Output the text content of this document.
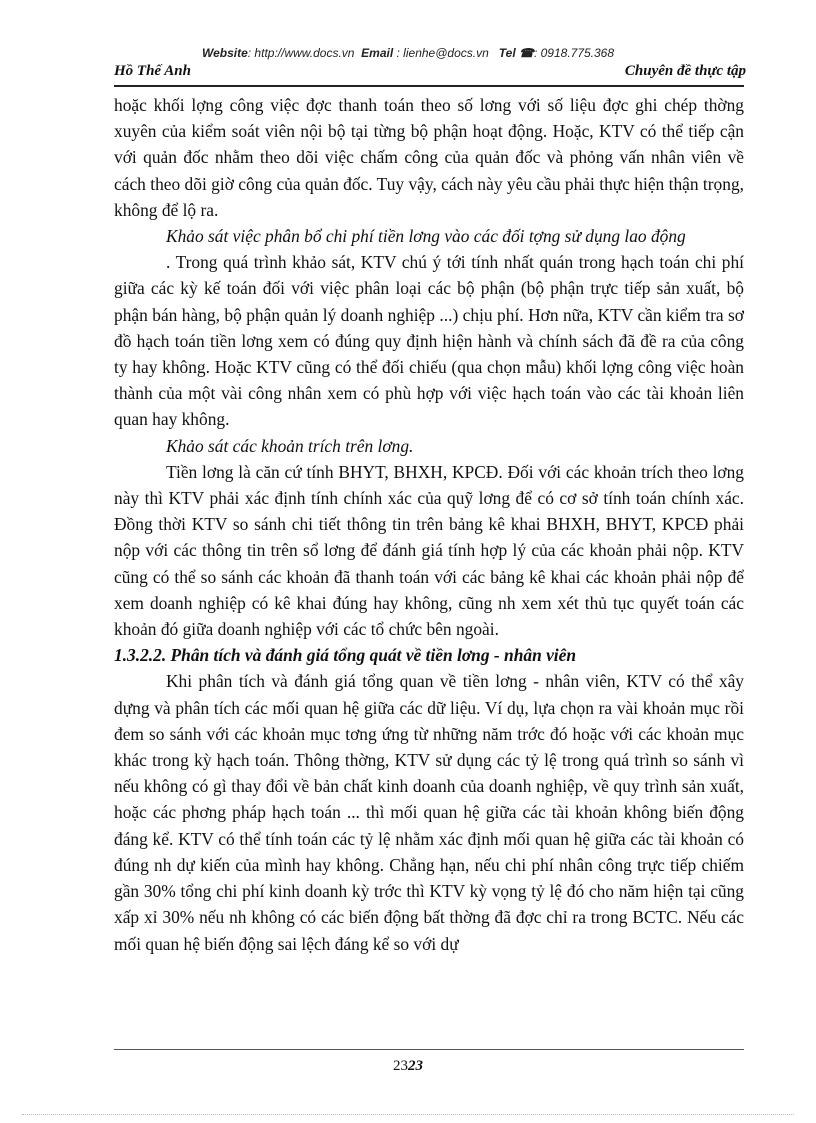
Website: http://www.docs.vn Email : lienhe@docs.vn Tel ☎: 0918.775.368
Hồ Thế Anh	Chuyên đề thực tập

hoặc khối lợng công việc đợc thanh toán theo số lơng với số liệu đợc ghi chép thờng xuyên của kiểm soát viên nội bộ tại từng bộ phận hoạt động. Hoặc, KTV có thể tiếp cận với quản đốc nhằm theo dõi việc chấm công của quản đốc và phỏng vấn nhân viên về cách theo dõi giờ công của quản đốc. Tuy vậy, cách này yêu cầu phải thực hiện thận trọng, không để lộ ra.

Khảo sát việc phân bổ chi phí tiền lơng vào các đối tợng sử dụng lao động

. Trong quá trình khảo sát, KTV chú ý tới tính nhất quán trong hạch toán chi phí giữa các kỳ kế toán đối với việc phân loại các bộ phận (bộ phận trực tiếp sản xuất, bộ phận bán hàng, bộ phận quản lý doanh nghiệp ...) chịu phí. Hơn nữa, KTV cần kiểm tra sơ đồ hạch toán tiền lơng xem có đúng quy định hiện hành và chính sách đã đề ra của công ty hay không. Hoặc KTV cũng có thể đối chiếu (qua chọn mẫu) khối lợng công việc hoàn thành của một vài công nhân xem có phù hợp với việc hạch toán vào các tài khoản liên quan hay không.

Khảo sát các khoản trích trên lơng.

Tiền lơng là căn cứ tính BHYT, BHXH, KPCĐ. Đối với các khoản trích theo lơng này thì KTV phải xác định tính chính xác của quỹ lơng để có cơ sở tính toán chính xác. Đồng thời KTV so sánh chi tiết thông tin trên bảng kê khai BHXH, BHYT, KPCĐ phải nộp với các thông tin trên sổ lơng để đánh giá tính hợp lý của các khoản phải nộp. KTV cũng có thể so sánh các khoản đã thanh toán với các bảng kê khai các khoản phải nộp để xem doanh nghiệp có kê khai đúng hay không, cũng nh xem xét thủ tục quyết toán các khoản đó giữa doanh nghiệp với các tổ chức bên ngoài.

1.3.2.2. Phân tích và đánh giá tổng quát về tiền lơng - nhân viên

Khi phân tích và đánh giá tổng quan về tiền lơng - nhân viên, KTV có thể xây dựng và phân tích các mối quan hệ giữa các dữ liệu. Ví dụ, lựa chọn ra vài khoản mục rồi đem so sánh với các khoản mục tơng ứng từ những năm trớc đó hoặc với các khoản mục khác trong kỳ hạch toán. Thông thờng, KTV sử dụng các tỷ lệ trong quá trình so sánh vì nếu không có gì thay đổi về bản chất kinh doanh của doanh nghiệp, về quy trình sản xuất, hoặc các phơng pháp hạch toán ... thì mối quan hệ giữa các tài khoản không biến động đáng kể. KTV có thể tính toán các tỷ lệ nhằm xác định mối quan hệ giữa các tài khoản có đúng nh dự kiến của mình hay không. Chẳng hạn, nếu chi phí nhân công trực tiếp chiếm gần 30% tổng chi phí kinh doanh kỳ trớc thì KTV kỳ vọng tỷ lệ đó cho năm hiện tại cũng xấp xỉ 30% nếu nh không có các biến động bất thờng đã đợc chỉ ra trong BCTC. Nếu các mối quan hệ biến động sai lệch đáng kể so với dự

2323
